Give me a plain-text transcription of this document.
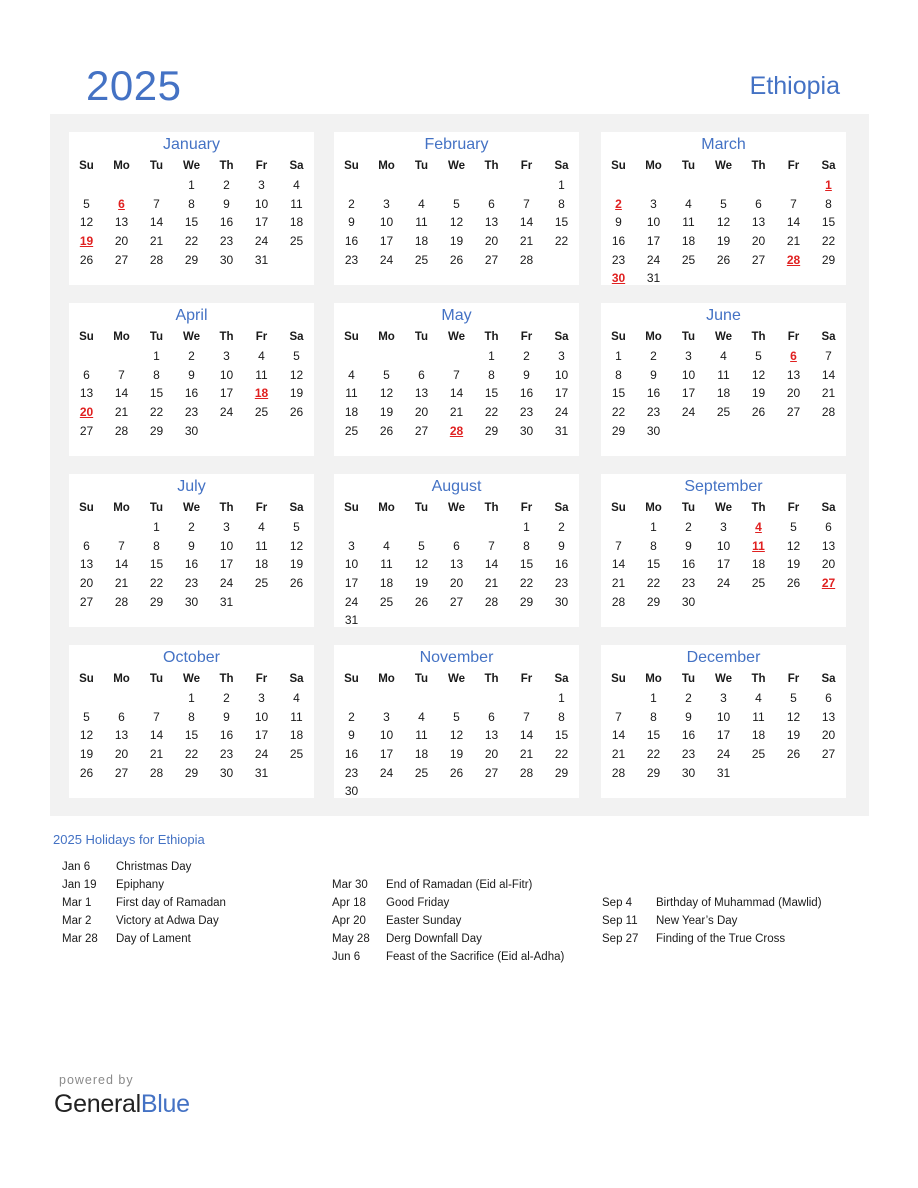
2025	Ethiopia
January
Su	Mo	Tu	We	Th	Fr	Sa
			1	2	3	4
5	6	7	8	9	10	11
12	13	14	15	16	17	18
19	20	21	22	23	24	25
26	27	28	29	30	31	
February
Su	Mo	Tu	We	Th	Fr	Sa
						1
2	3	4	5	6	7	8
9	10	11	12	13	14	15
16	17	18	19	20	21	22
23	24	25	26	27	28	
March
Su	Mo	Tu	We	Th	Fr	Sa
						1
2	3	4	5	6	7	8
9	10	11	12	13	14	15
16	17	18	19	20	21	22
23	24	25	26	27	28	29
30	31					
April
Su	Mo	Tu	We	Th	Fr	Sa
		1	2	3	4	5
6	7	8	9	10	11	12
13	14	15	16	17	18	19
20	21	22	23	24	25	26
27	28	29	30			
May
Su	Mo	Tu	We	Th	Fr	Sa
				1	2	3
4	5	6	7	8	9	10
11	12	13	14	15	16	17
18	19	20	21	22	23	24
25	26	27	28	29	30	31
June
Su	Mo	Tu	We	Th	Fr	Sa
1	2	3	4	5	6	7
8	9	10	11	12	13	14
15	16	17	18	19	20	21
22	23	24	25	26	27	28
29	30					
July
Su	Mo	Tu	We	Th	Fr	Sa
		1	2	3	4	5
6	7	8	9	10	11	12
13	14	15	16	17	18	19
20	21	22	23	24	25	26
27	28	29	30	31		
August
Su	Mo	Tu	We	Th	Fr	Sa
					1	2
3	4	5	6	7	8	9
10	11	12	13	14	15	16
17	18	19	20	21	22	23
24	25	26	27	28	29	30
31						
September
Su	Mo	Tu	We	Th	Fr	Sa
	1	2	3	4	5	6
7	8	9	10	11	12	13
14	15	16	17	18	19	20
21	22	23	24	25	26	27
28	29	30				
October
Su	Mo	Tu	We	Th	Fr	Sa
			1	2	3	4
5	6	7	8	9	10	11
12	13	14	15	16	17	18
19	20	21	22	23	24	25
26	27	28	29	30	31	
November
Su	Mo	Tu	We	Th	Fr	Sa
						1
2	3	4	5	6	7	8
9	10	11	12	13	14	15
16	17	18	19	20	21	22
23	24	25	26	27	28	29
30						
December
Su	Mo	Tu	We	Th	Fr	Sa
	1	2	3	4	5	6
7	8	9	10	11	12	13
14	15	16	17	18	19	20
21	22	23	24	25	26	27
28	29	30	31			
2025 Holidays for Ethiopia
Jan 6 Christmas Day
Jan 19 Epiphany
Mar 1 First day of Ramadan
Mar 2 Victory at Adwa Day
Mar 28 Day of Lament
Mar 30 End of Ramadan (Eid al-Fitr)
Apr 18 Good Friday
Apr 20 Easter Sunday
May 28 Derg Downfall Day
Jun 6 Feast of the Sacrifice (Eid al-Adha)
Sep 4 Birthday of Muhammad (Mawlid)
Sep 11 New Year’s Day
Sep 27 Finding of the True Cross
powered by
GeneralBlue
